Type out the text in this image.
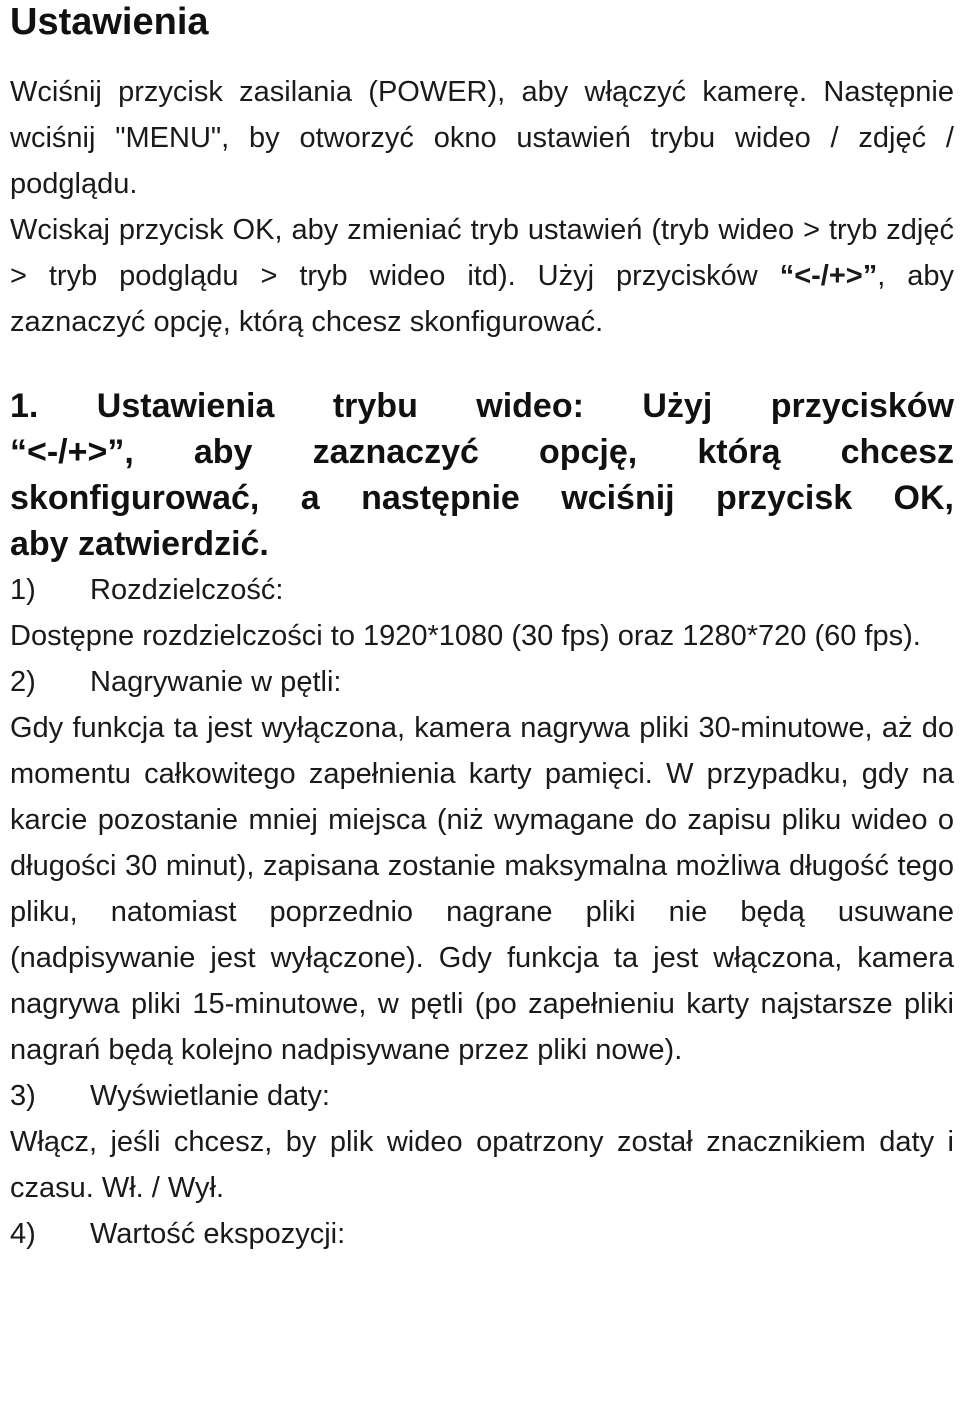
Ustawienia

Wciśnij przycisk zasilania (POWER), aby włączyć kamerę. Następnie wciśnij "MENU", by otworzyć okno ustawień trybu wideo / zdjęć / podglądu.

Wciskaj przycisk OK, aby zmieniać tryb ustawień (tryb wideo > tryb zdjęć > tryb podglądu > tryb wideo itd). Użyj przycisków “<-/+>”, aby zaznaczyć opcję, którą chcesz skonfigurować.

1. Ustawienia trybu wideo: Użyj przycisków
“<-/+>”, aby zaznaczyć opcję, którą chcesz
skonfigurować, a następnie wciśnij przycisk OK,
aby zatwierdzić.
1) Rozdzielczość:

Dostępne rozdzielczości to 1920*1080 (30 fps) oraz 1280*720 (60 fps).

2) Nagrywanie w pętli:

Gdy funkcja ta jest wyłączona, kamera nagrywa pliki 30-minutowe, aż do momentu całkowitego zapełnienia karty pamięci. W przypadku, gdy na karcie pozostanie mniej miejsca (niż wymagane do zapisu pliku wideo o długości 30 minut), zapisana zostanie maksymalna możliwa długość tego pliku, natomiast poprzednio nagrane pliki nie będą usuwane (nadpisywanie jest wyłączone). Gdy funkcja ta jest włączona, kamera nagrywa pliki 15-minutowe, w pętli (po zapełnieniu karty najstarsze pliki nagrań będą kolejno nadpisywane przez pliki nowe).

3) Wyświetlanie daty:

Włącz, jeśli chcesz, by plik wideo opatrzony został znacznikiem daty i czasu. Wł. / Wył.

4) Wartość ekspozycji:
